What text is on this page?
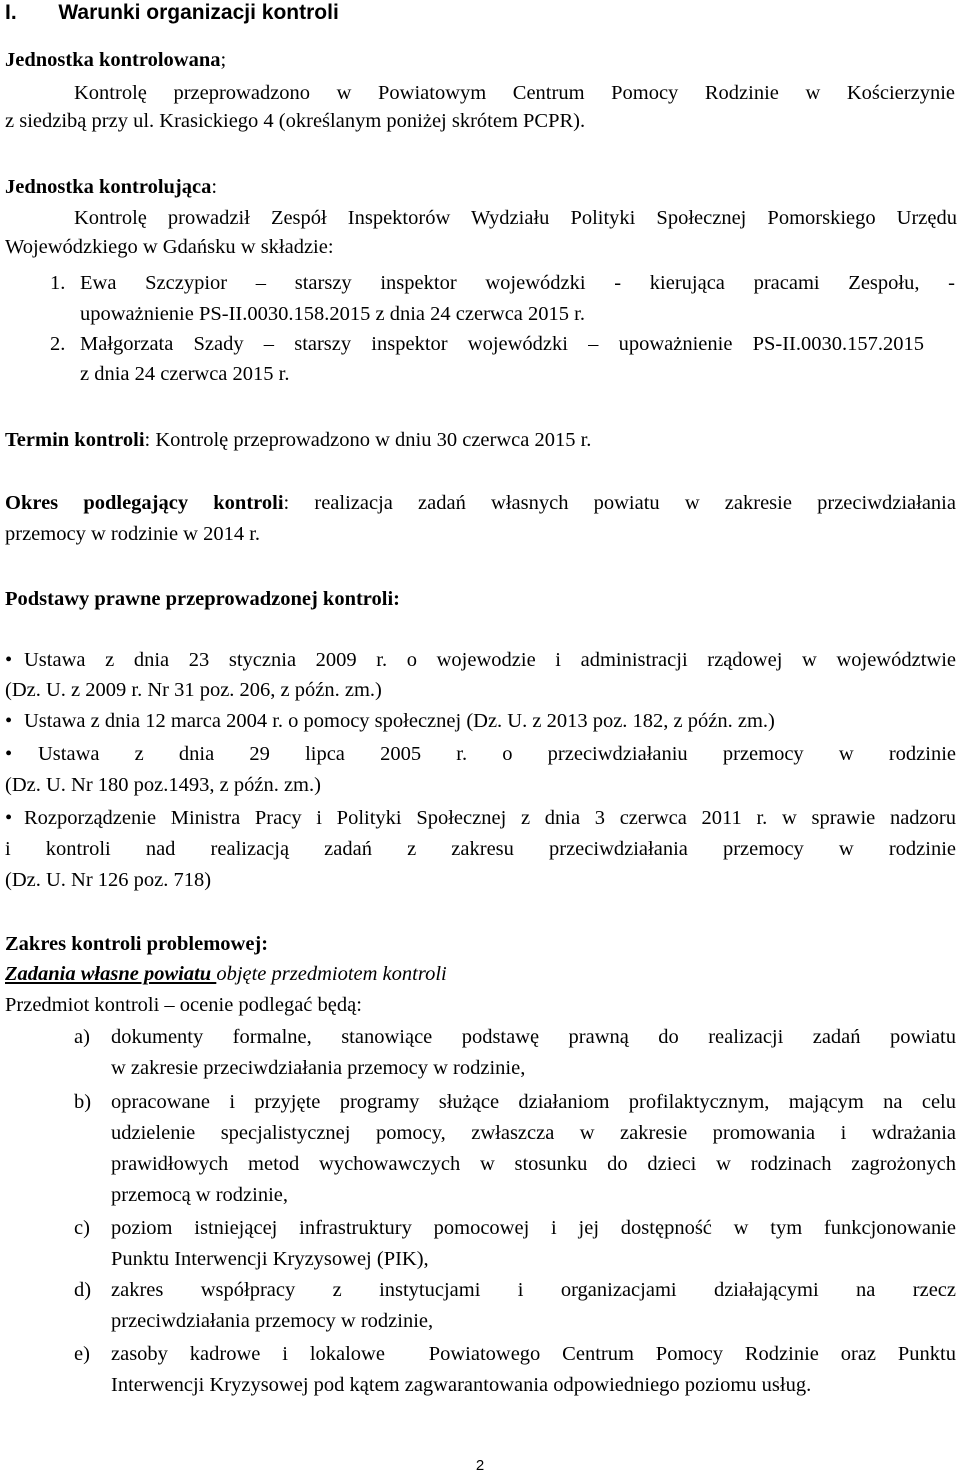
I. Warunki organizacji kontroli
Jednostka kontrolowana;
Kontrolę przeprowadzono w Powiatowym Centrum Pomocy Rodzinie w Kościerzynie
z siedzibą przy ul. Krasickiego 4 (określanym poniżej skrótem PCPR).
Jednostka kontrolująca:
Kontrolę prowadził Zespół Inspektorów Wydziału Polityki Społecznej Pomorskiego Urzędu
Wojewódzkiego w Gdańsku w składzie:
1. Ewa Szczypior – starszy inspektor wojewódzki - kierująca pracami Zespołu, -
upoważnienie PS-II.0030.158.2015 z dnia 24 czerwca 2015 r.
2. Małgorzata Szady – starszy inspektor wojewódzki – upoważnienie PS-II.0030.157.2015
z dnia 24 czerwca 2015 r.
Termin kontroli: Kontrolę przeprowadzono w dniu 30 czerwca 2015 r.
Okres podlegający kontroli: realizacja zadań własnych powiatu w zakresie przeciwdziałania
przemocy w rodzinie w 2014 r.
Podstawy prawne przeprowadzonej kontroli:
• Ustawa z dnia 23 stycznia 2009 r. o wojewodzie i administracji rządowej w województwie
(Dz. U. z 2009 r. Nr 31 poz. 206, z późn. zm.)
• Ustawa z dnia 12 marca 2004 r. o pomocy społecznej (Dz. U. z 2013 poz. 182, z późn. zm.)
• Ustawa z dnia 29 lipca 2005 r. o przeciwdziałaniu przemocy w rodzinie
(Dz. U. Nr 180 poz.1493, z późn. zm.)
• Rozporządzenie Ministra Pracy i Polityki Społecznej z dnia 3 czerwca 2011 r. w sprawie nadzoru
i kontroli nad realizacją zadań z zakresu przeciwdziałania przemocy w rodzinie
(Dz. U. Nr 126 poz. 718)
Zakres kontroli problemowej:
Zadania własne powiatu objęte przedmiotem kontroli
Przedmiot kontroli – ocenie podlegać będą:
a) dokumenty formalne, stanowiące podstawę prawną do realizacji zadań powiatu
w zakresie przeciwdziałania przemocy w rodzinie,
b) opracowane i przyjęte programy służące działaniom profilaktycznym, mającym na celu
udzielenie specjalistycznej pomocy, zwłaszcza w zakresie promowania i wdrażania
prawidłowych metod wychowawczych w stosunku do dzieci w rodzinach zagrożonych
przemocą w rodzinie,
c) poziom istniejącej infrastruktury pomocowej i jej dostępność w tym funkcjonowanie
Punktu Interwencji Kryzysowej (PIK),
d) zakres współpracy z instytucjami i organizacjami działającymi na rzecz
przeciwdziałania przemocy w rodzinie,
e) zasoby kadrowe i lokalowe  Powiatowego Centrum Pomocy Rodzinie oraz Punktu
Interwencji Kryzysowej pod kątem zagwarantowania odpowiedniego poziomu usług.
2
